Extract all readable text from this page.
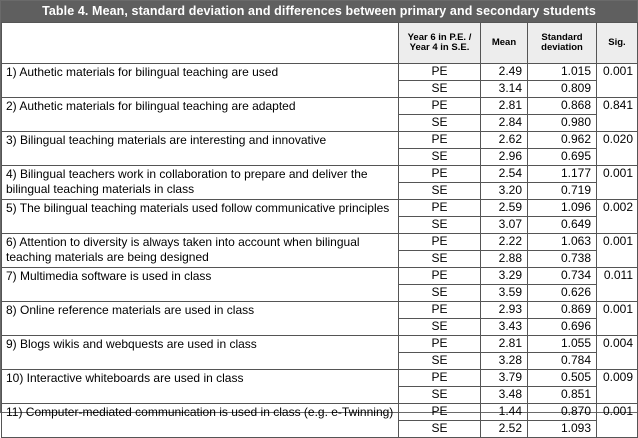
Table 4. Mean, standard deviation and differences between primary and secondary students
	Year 6 in P.E. / Year 4 in S.E.	Mean	Standard deviation	Sig.
1) Authetic materials for bilingual teaching are used	PE	2.49	1.015	0.001
	SE	3.14	0.809	
2) Authetic materials for bilingual teaching are adapted	PE	2.81	0.868	0.841
	SE	2.84	0.980	
3) Bilingual teaching materials are interesting and innovative	PE	2.62	0.962	0.020
	SE	2.96	0.695	
4) Bilingual teachers work in collaboration to prepare and deliver the bilingual teaching materials in class	PE	2.54	1.177	0.001
	SE	3.20	0.719	
5) The bilingual teaching materials used follow communicative principles	PE	2.59	1.096	0.002
	SE	3.07	0.649	
6) Attention to diversity is always taken into account when bilingual teaching materials are being designed	PE	2.22	1.063	0.001
	SE	2.88	0.738	
7) Multimedia software is used in class	PE	3.29	0.734	0.011
	SE	3.59	0.626	
8) Online reference materials are used in class	PE	2.93	0.869	0.001
	SE	3.43	0.696	
9) Blogs wikis and webquests are used in class	PE	2.81	1.055	0.004
	SE	3.28	0.784	
10) Interactive whiteboards are used in class	PE	3.79	0.505	0.009
	SE	3.48	0.851	
11) Computer-mediated communication is used in class (e.g. e-Twinning)	PE	1.44	0.870	0.001
	SE	2.52	1.093	
